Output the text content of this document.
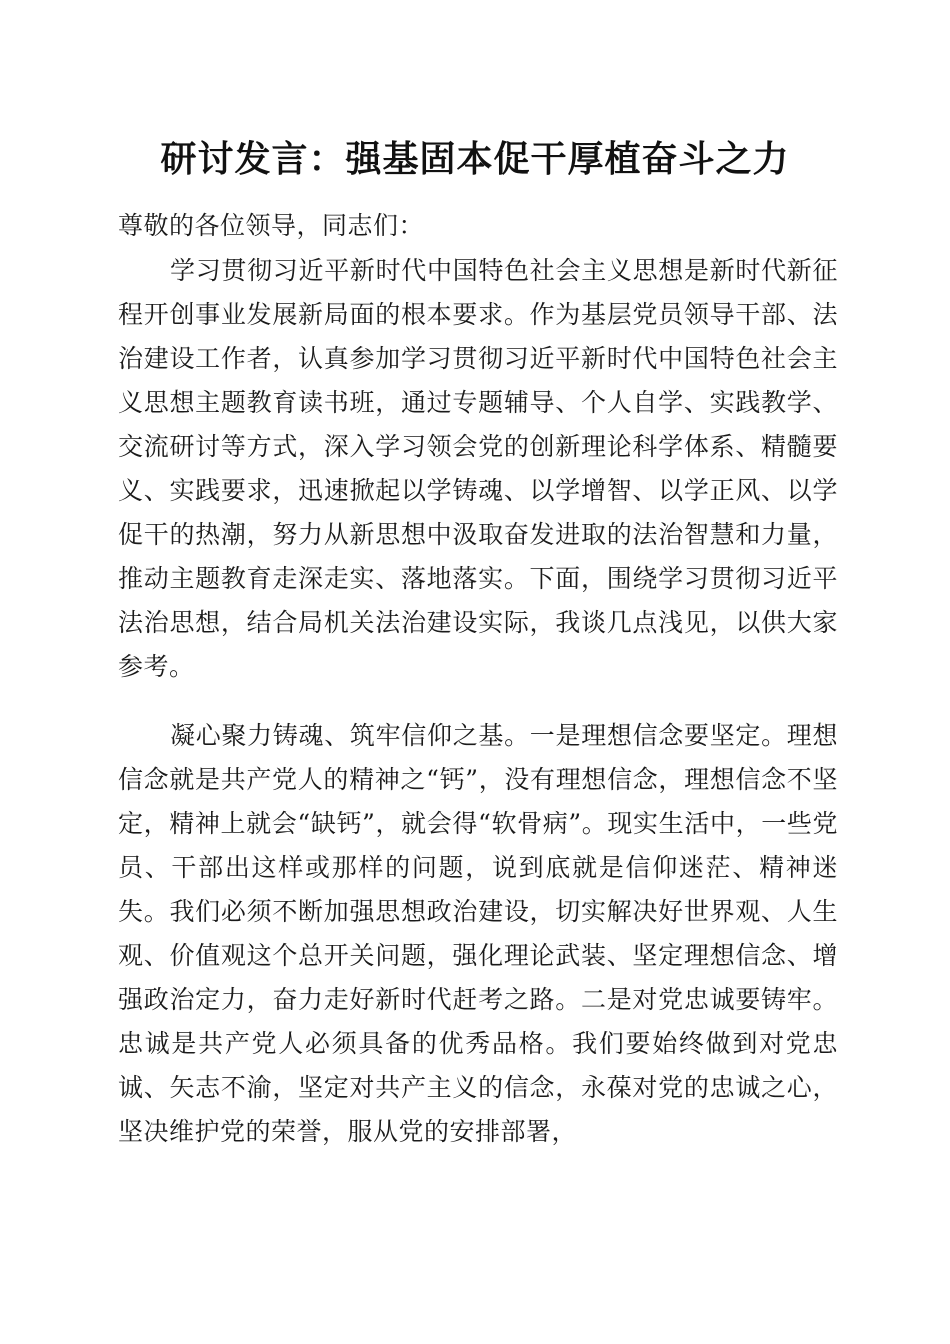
研讨发言：强基固本促干厚植奋斗之力

尊敬的各位领导，同志们：

学习贯彻习近平新时代中国特色社会主义思想是新时代新征程开创事业发展新局面的根本要求。作为基层党员领导干部、法治建设工作者，认真参加学习贯彻习近平新时代中国特色社会主义思想主题教育读书班，通过专题辅导、个人自学、实践教学、交流研讨等方式，深入学习领会党的创新理论科学体系、精髓要义、实践要求，迅速掀起以学铸魂、以学增智、以学正风、以学促干的热潮，努力从新思想中汲取奋发进取的法治智慧和力量，推动主题教育走深走实、落地落实。下面，围绕学习贯彻习近平法治思想，结合局机关法治建设实际，我谈几点浅见，以供大家参考。

凝心聚力铸魂、筑牢信仰之基。一是理想信念要坚定。理想信念就是共产党人的精神之“钙”，没有理想信念，理想信念不坚定，精神上就会“缺钙”，就会得“软骨病”。现实生活中，一些党员、干部出这样或那样的问题，说到底就是信仰迷茫、精神迷失。我们必须不断加强思想政治建设，切实解决好世界观、人生观、价值观这个总开关问题，强化理论武装、坚定理想信念、增强政治定力，奋力走好新时代赶考之路。二是对党忠诚要铸牢。忠诚是共产党人必须具备的优秀品格。我们要始终做到对党忠诚、矢志不渝，坚定对共产主义的信念，永葆对党的忠诚之心，坚决维护党的荣誉，服从党的安排部署，
